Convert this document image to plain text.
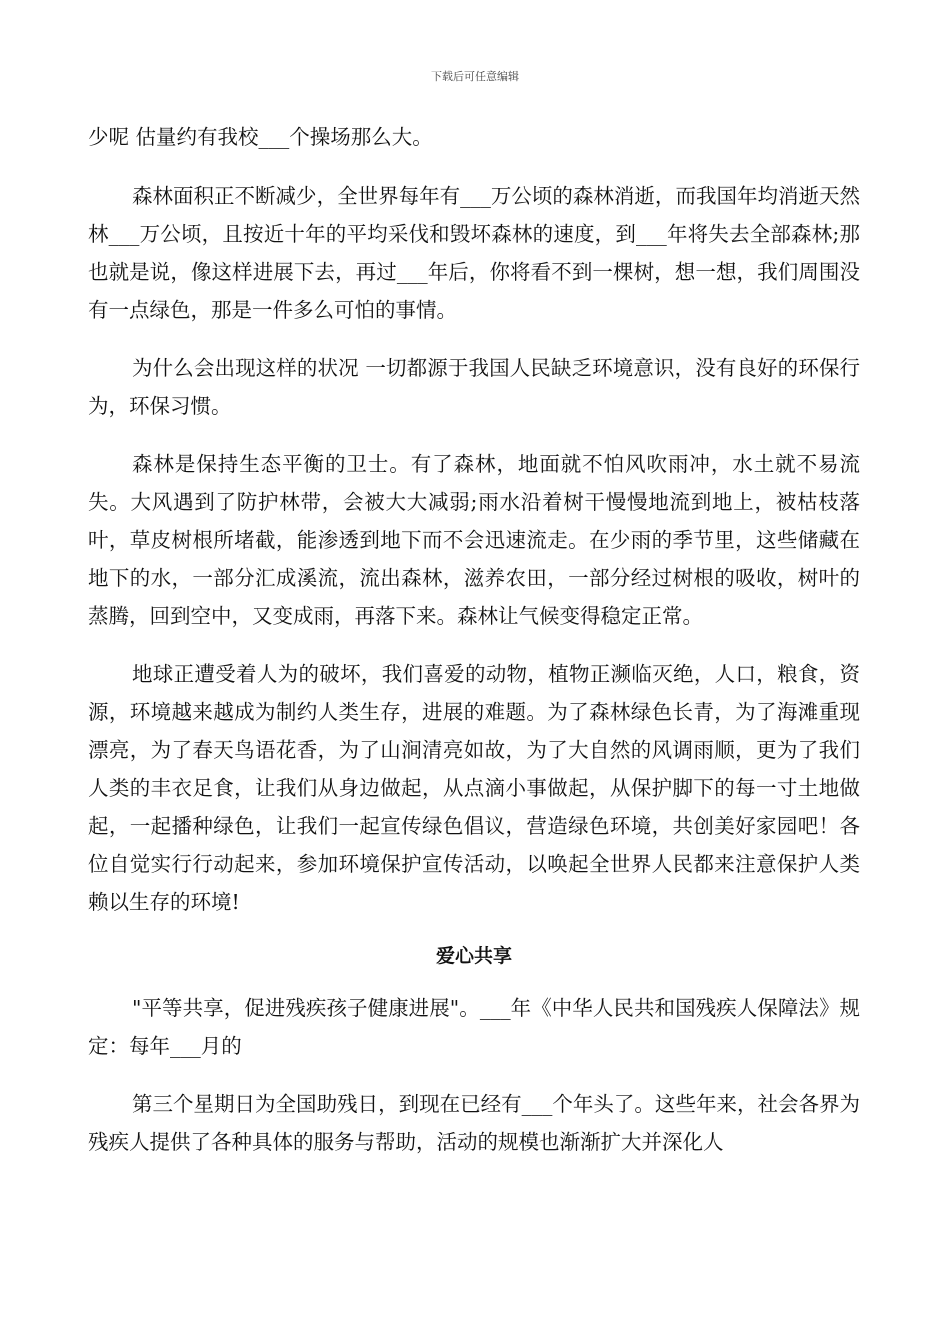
下载后可任意编辑

少呢 估量约有我校___个操场那么大。

森林面积正不断减少，全世界每年有___万公顷的森林消逝，而我国年均消逝天然林___万公顷，且按近十年的平均采伐和毁坏森林的速度，到___年将失去全部森林;那也就是说，像这样进展下去，再过___年后，你将看不到一棵树，想一想，我们周围没有一点绿色，那是一件多么可怕的事情。

为什么会出现这样的状况 一切都源于我国人民缺乏环境意识，没有良好的环保行为，环保习惯。

森林是保持生态平衡的卫士。有了森林，地面就不怕风吹雨冲，水土就不易流失。大风遇到了防护林带，会被大大减弱;雨水沿着树干慢慢地流到地上，被枯枝落叶，草皮树根所堵截，能渗透到地下而不会迅速流走。在少雨的季节里，这些储藏在地下的水，一部分汇成溪流，流出森林，滋养农田，一部分经过树根的吸收，树叶的蒸腾，回到空中，又变成雨，再落下来。森林让气候变得稳定正常。

地球正遭受着人为的破坏，我们喜爱的动物，植物正濒临灭绝，人口，粮食，资源，环境越来越成为制约人类生存，进展的难题。为了森林绿色长青，为了海滩重现漂亮，为了春天鸟语花香，为了山涧清亮如故，为了大自然的风调雨顺，更为了我们人类的丰衣足食，让我们从身边做起，从点滴小事做起，从保护脚下的每一寸土地做起，一起播种绿色，让我们一起宣传绿色倡议，营造绿色环境，共创美好家园吧！各位自觉实行行动起来，参加环境保护宣传活动，以唤起全世界人民都来注意保护人类赖以生存的环境!

爱心共享

"平等共享，促进残疾孩子健康进展"。___年《中华人民共和国残疾人保障法》规定：每年___月的

第三个星期日为全国助残日，到现在已经有___个年头了。这些年来，社会各界为残疾人提供了各种具体的服务与帮助，活动的规模也渐渐扩大并深化人
